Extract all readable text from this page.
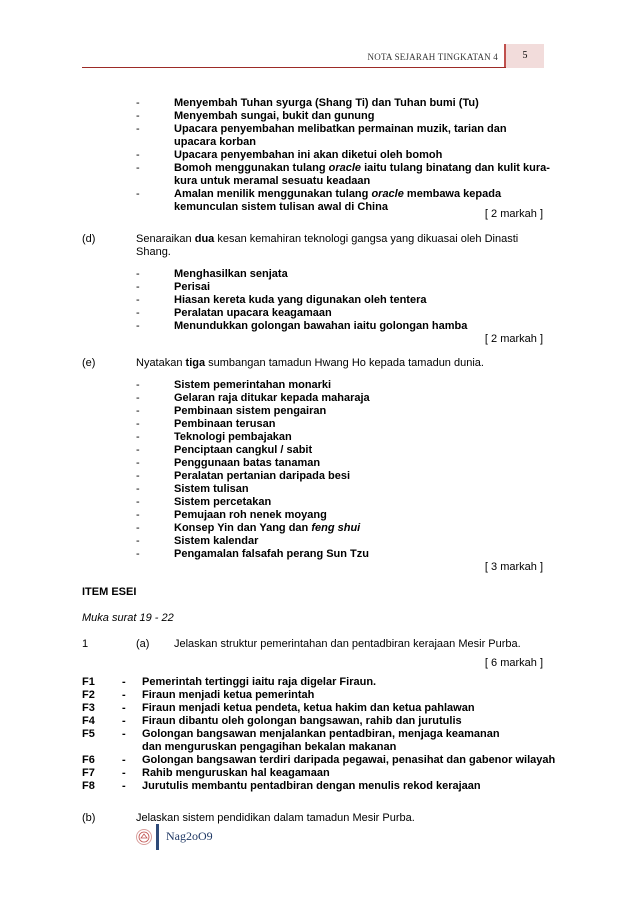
NOTA SEJARAH TINGKATAN 4	5
-	Menyembah Tuhan syurga (Shang Ti) dan Tuhan bumi (Tu)
-	Menyembah sungai, bukit dan gunung
-	Upacara penyembahan melibatkan permainan muzik, tarian dan
upacara korban
-	Upacara penyembahan ini akan diketui oleh bomoh
-	Bomoh menggunakan tulang oracle iaitu tulang binatang dan kulit kura-
kura untuk meramal sesuatu keadaan
-	Amalan menilik menggunakan tulang oracle membawa kepada
kemunculan sistem tulisan awal di China
[ 2 markah ]
(d)	Senaraikan dua kesan kemahiran teknologi gangsa yang dikuasai oleh Dinasti
Shang.
-	Menghasilkan senjata
-	Perisai
-	Hiasan kereta kuda yang digunakan oleh tentera
-	Peralatan upacara keagamaan
-	Menundukkan golongan bawahan iaitu golongan hamba
[ 2 markah ]
(e)	Nyatakan tiga sumbangan tamadun Hwang Ho kepada tamadun dunia.
-	Sistem pemerintahan monarki
-	Gelaran raja ditukar kepada maharaja
-	Pembinaan sistem pengairan
-	Pembinaan terusan
-	Teknologi pembajakan
-	Penciptaan cangkul / sabit
-	Penggunaan batas tanaman
-	Peralatan pertanian daripada besi
-	Sistem tulisan
-	Sistem percetakan
-	Pemujaan roh nenek moyang
-	Konsep Yin dan Yang dan feng shui
-	Sistem kalendar
-	Pengamalan falsafah perang Sun Tzu
[ 3 markah ]
ITEM ESEI
Muka surat 19 - 22
1	(a) Jelaskan struktur pemerintahan dan pentadbiran kerajaan Mesir Purba.
[ 6 markah ]
F1 - Pemerintah tertinggi iaitu raja digelar Firaun.
F2 - Firaun menjadi ketua pemerintah
F3 - Firaun menjadi ketua pendeta, ketua hakim dan ketua pahlawan
F4 - Firaun dibantu oleh golongan bangsawan, rahib dan jurutulis
F5 - Golongan bangsawan menjalankan pentadbiran, menjaga keamanan
dan menguruskan pengagihan bekalan makanan
F6 - Golongan bangsawan terdiri daripada pegawai, penasihat dan gabenor wilayah
F7 - Rahib menguruskan hal keagamaan
F8 - Jurutulis membantu pentadbiran dengan menulis rekod kerajaan
(b)	Jelaskan sistem pendidikan dalam tamadun Mesir Purba.
Nag2oO9
